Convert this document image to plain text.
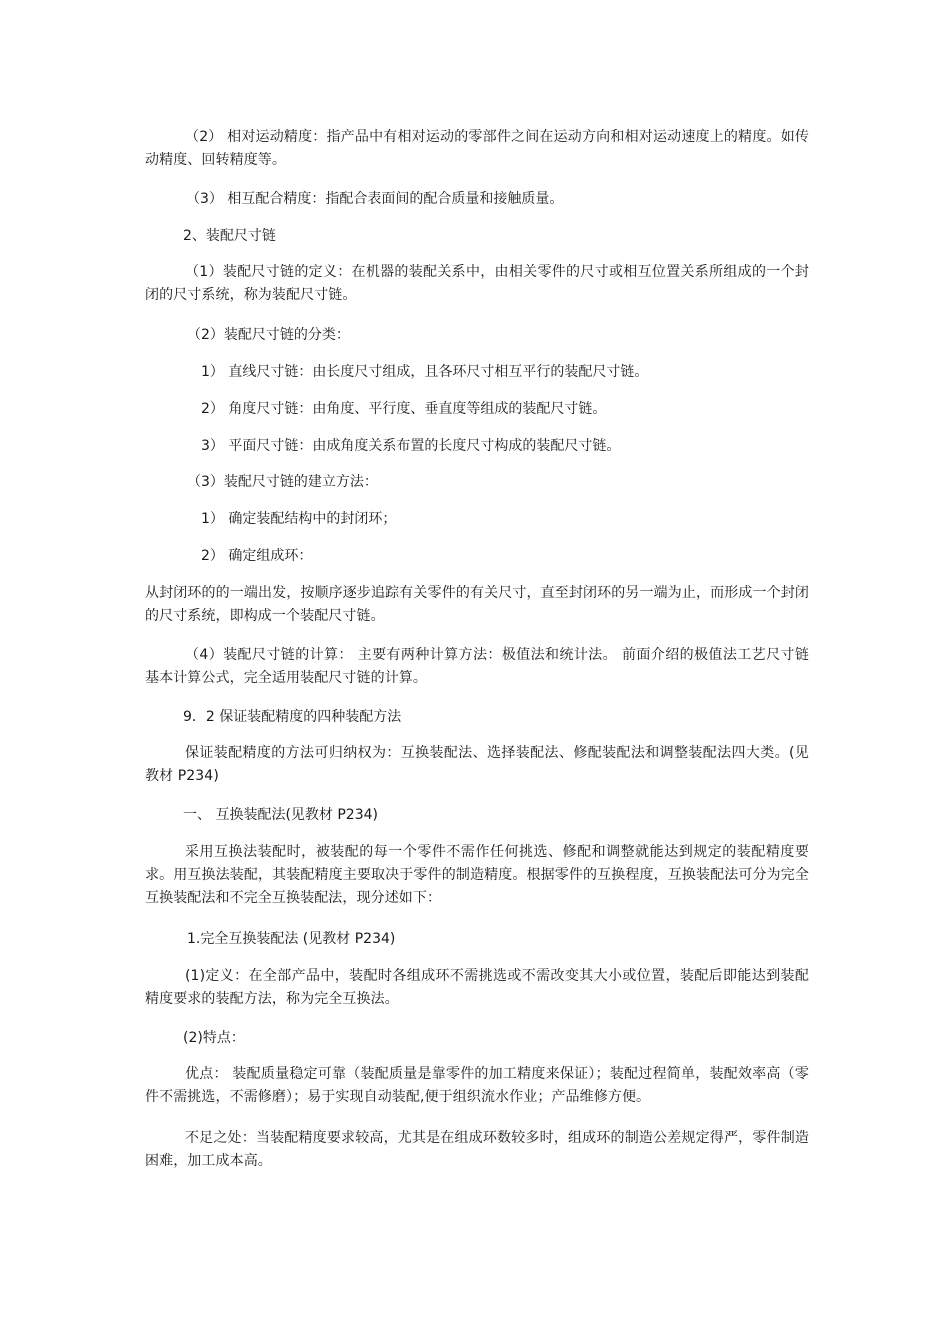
（2） 相对运动精度：指产品中有相对运动的零部件之间在运动方向和相对运动速度上的精度。如传动精度、回转精度等。
（3） 相互配合精度：指配合表面间的配合质量和接触质量。
2、装配尺寸链
（1）装配尺寸链的定义：在机器的装配关系中，由相关零件的尺寸或相互位置关系所组成的一个封闭的尺寸系统，称为装配尺寸链。
（2）装配尺寸链的分类：
1） 直线尺寸链：由长度尺寸组成，且各环尺寸相互平行的装配尺寸链。
2） 角度尺寸链：由角度、平行度、垂直度等组成的装配尺寸链。
3） 平面尺寸链：由成角度关系布置的长度尺寸构成的装配尺寸链。
（3）装配尺寸链的建立方法：
1） 确定装配结构中的封闭环；
2） 确定组成环：
从封闭环的的一端出发，按顺序逐步追踪有关零件的有关尺寸，直至封闭环的另一端为止，而形成一个封闭的尺寸系统，即构成一个装配尺寸链。
（4）装配尺寸链的计算： 主要有两种计算方法：极值法和统计法。 前面介绍的极值法工艺尺寸链基本计算公式，完全适用装配尺寸链的计算。
9．2 保证装配精度的四种装配方法
保证装配精度的方法可归纳权为：互换装配法、选择装配法、修配装配法和调整装配法四大类。(见教材 P234)
一、 互换装配法(见教材 P234)
采用互换法装配时，被装配的每一个零件不需作任何挑选、修配和调整就能达到规定的装配精度要求。用互换法装配，其装配精度主要取决于零件的制造精度。根据零件的互换程度，互换装配法可分为完全互换装配法和不完全互换装配法，现分述如下：
1.完全互换装配法 (见教材 P234)
(1)定义：在全部产品中，装配时各组成环不需挑选或不需改变其大小或位置，装配后即能达到装配精度要求的装配方法，称为完全互换法。
(2)特点：
优点： 装配质量稳定可靠（装配质量是靠零件的加工精度来保证）；装配过程简单，装配效率高（零件不需挑选，不需修磨）；易于实现自动装配,便于组织流水作业；产品维修方便。
不足之处：当装配精度要求较高，尤其是在组成环数较多时，组成环的制造公差规定得严，零件制造困难，加工成本高。
